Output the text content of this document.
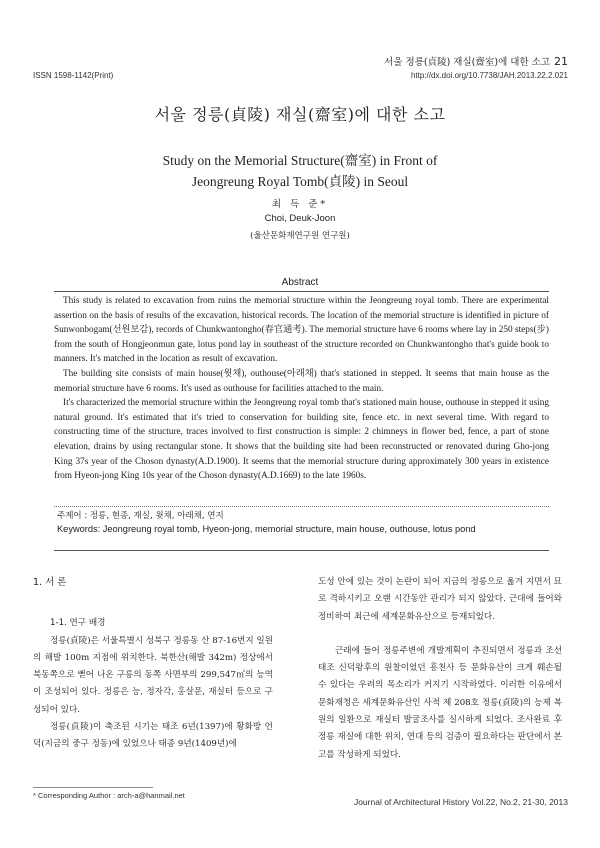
서울 정릉(貞陵) 재실(齋室)에 대한 소고 21
http://dx.doi.org/10.7738/JAH.2013.22.2.021
ISSN 1598-1142(Print)
서울 정릉(貞陵) 재실(齋室)에 대한 소고
Study on the Memorial Structure(齋室) in Front of
Jeongreung Royal Tomb(貞陵) in Seoul
최 득 준*
Choi, Deuk-Joon
(울산문화재연구원 연구원)
Abstract

This study is related to excavation from ruins the memorial structure within the Jeongreung royal tomb. There are experimental assertion on the basis of results of the excavation, historical records. The location of the memorial structure is identified in picture of Sunwonbogam(선원보감), records of Chunkwantongho(春官通考). The memorial structure have 6 rooms where lay in 250 steps(步) from the south of Hongjeonmun gate, lotus pond lay in southeast of the structure recorded on Chunkwantongho that's guide book to manners. It's matched in the location as result of excavation.

The building site consists of main house(윗채), outhouse(아래채) that's stationed in stepped. It seems that main house as the memorial structure have 6 rooms. It's used as outhouse for facilities attached to the main.

It's characterized the memorial structure within the Jeongreung royal tomb that's stationed main house, outhouse in stepped it using natural ground. It's estimated that it's tried to conservation for building site, fence etc. in next several time. With regard to constructing time of the structure, traces involved to first construction is simple: 2 chimneys in flower bed, fence, a part of stone elevation, drains by using rectangular stone. It shows that the building site had been reconstructed or renovated during Gho-jong King 37s year of the Choson dynasty(A.D.1900). It seems that the memorial structure during approximately 300 years in existence from Hyeon-jong King 10s year of the Choson dynasty(A.D.1669) to the late 1960s.

주제어 : 정릉, 현종, 재실, 윗채, 아래채, 연지
Keywords: Jeongreung royal tomb, Hyeon-jong, memorial structure, main house, outhouse, lotus pond

1. 서 론

1-1. 연구 배경

정릉(貞陵)은 서울특별시 성북구 정릉동 산 87-16번지 일원의 해발 100m 지점에 위치한다. 북한산(해발 342m) 정상에서 북동쪽으로 뻗어 나온 구릉의 동쪽 사면부의 299,547㎡의 능역이 조성되어 있다. 정릉은 능, 정자각, 홍살문, 재실터 등으로 구성되어 있다.

정릉(貞陵)이 축조된 시기는 태조 6년(1397)에 황화방 언덕(지금의 중구 정동)에 있었으나 태종 9년(1409년)에

도성 안에 있는 것이 논란이 되어 지금의 정릉으로 옮겨 지면서 묘로 격하시키고 오랜 시간동안 관리가 되지 않았다. 근대에 들어와 정비하여 최근에 세계문화유산으로 등재되었다.

근래에 들어 정릉주변에 개발계획이 추진되면서 정릉과 조선 태조 신덕왕후의 원찰이었던 흥천사 등 문화유산이 크게 훼손될 수 있다는 우려의 목소리가 커지기 시작하였다. 이러한 이유에서 문화재청은 세계문화유산인 사적 제 208호 정릉(貞陵)의 능제 복원의 일환으로 재실터 발굴조사를 실시하게 되었다. 조사완료 후 정릉 재실에 대한 위치, 연대 등의 검증이 필요하다는 판단에서 본고를 작성하게 되었다.

* Corresponding Author : arch-a@hanmail.net
Journal of Architectural History Vol.22, No.2, 21-30, 2013
